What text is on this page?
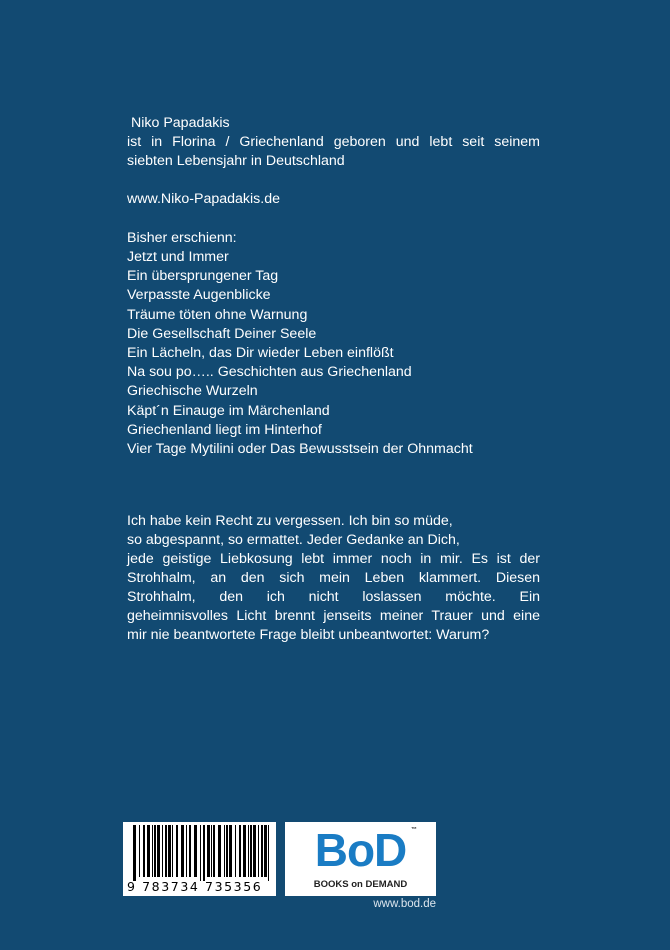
Niko Papadakis
ist in Florina / Griechenland geboren und lebt seit seinem
siebten Lebensjahr in Deutschland
www.Niko-Papadakis.de
9 783734 735356
BoD ™
BOOKS on DEMAND
www.bod.de
Bisher erschienn:
Jetzt und Immer
Ein übersprungener Tag
Verpasste Augenblicke
Träume töten ohne Warnung
Die Gesellschaft Deiner Seele
Ein Lächeln, das Dir wieder Leben einflößt
Na sou po….. Geschichten aus Griechenland
Griechische Wurzeln
Käpt´n Einauge im Märchenland
Griechenland liegt im Hinterhof
Vier Tage Mytilini oder Das Bewusstsein der Ohnmacht
Ich habe kein Recht zu vergessen. Ich bin so müde,
so abgespannt, so ermattet. Jeder Gedanke an Dich,
jede geistige Liebkosung lebt immer noch in mir. Es ist der
Strohhalm, an den sich mein Leben klammert. Diesen
Strohhalm, den ich nicht loslassen möchte. Ein
geheimnisvolles Licht brennt jenseits meiner Trauer und eine
mir nie beantwortete Frage bleibt unbeantwortet: Warum?
